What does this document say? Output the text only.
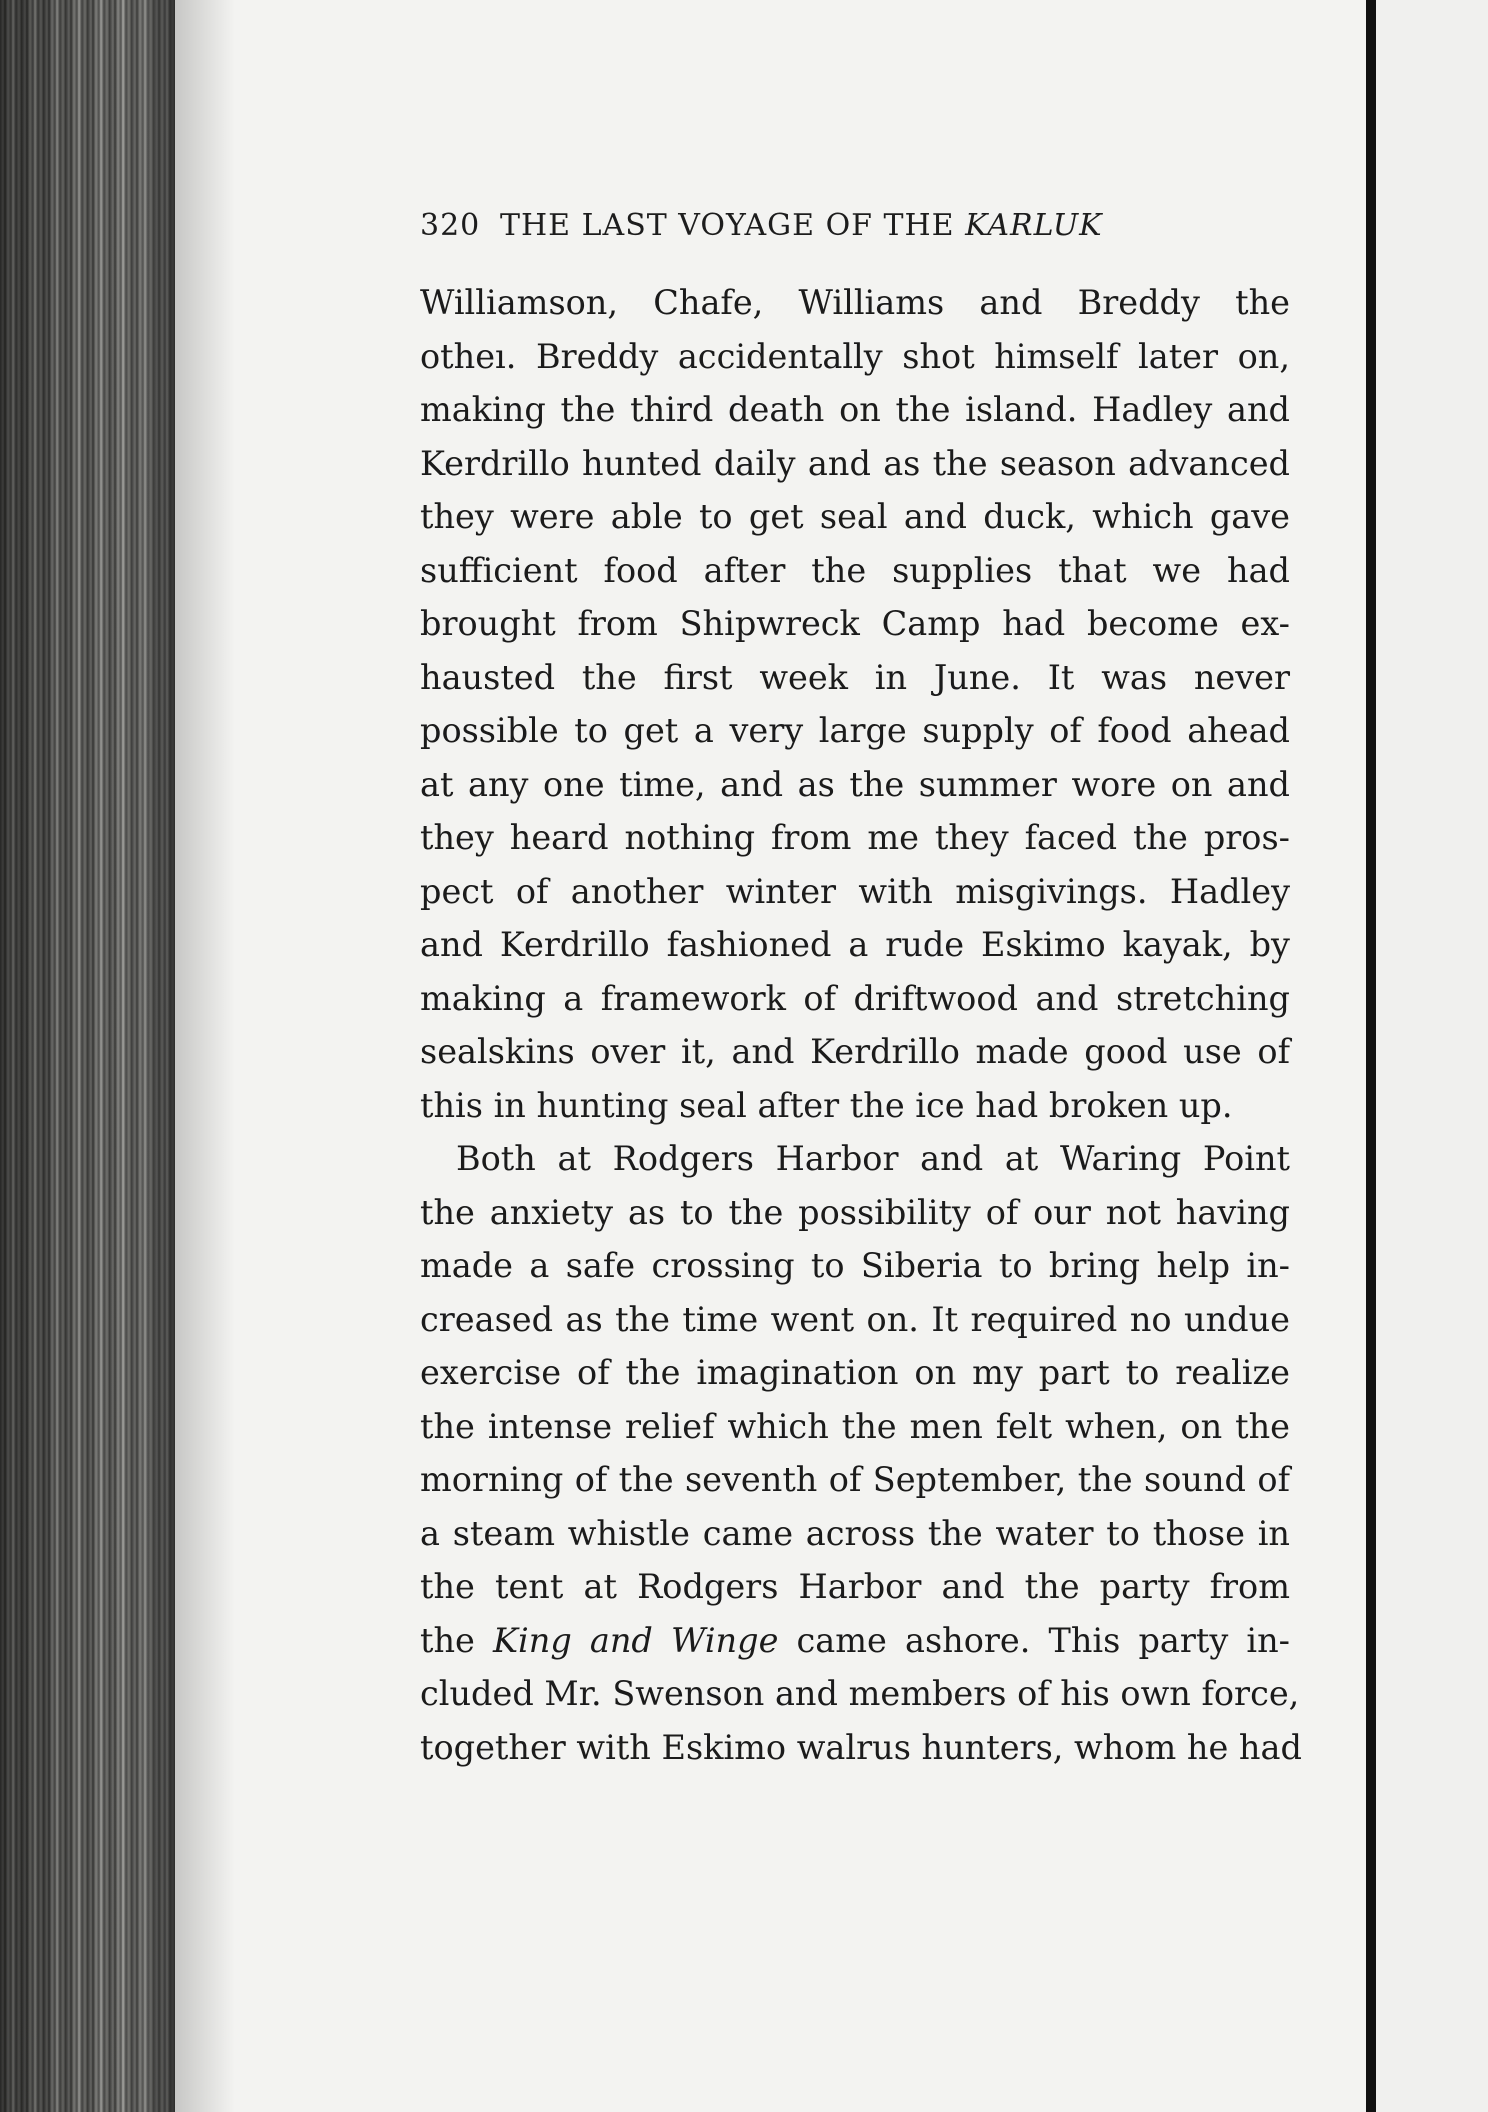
320 THE LAST VOYAGE OF THE KARLUK
Williamson, Chafe, Williams and Breddy the
otheı. Breddy accidentally shot himself later on,
making the third death on the island. Hadley and
Kerdrillo hunted daily and as the season advanced
they were able to get seal and duck, which gave
sufficient food after the supplies that we had
brought from Shipwreck Camp had become ex-
hausted the first week in June. It was never
possible to get a very large supply of food ahead
at any one time, and as the summer wore on and
they heard nothing from me they faced the pros-
pect of another winter with misgivings. Hadley
and Kerdrillo fashioned a rude Eskimo kayak, by
making a framework of driftwood and stretching
sealskins over it, and Kerdrillo made good use of
this in hunting seal after the ice had broken up.
Both at Rodgers Harbor and at Waring Point
the anxiety as to the possibility of our not having
made a safe crossing to Siberia to bring help in-
creased as the time went on. It required no undue
exercise of the imagination on my part to realize
the intense relief which the men felt when, on the
morning of the seventh of September, the sound of
a steam whistle came across the water to those in
the tent at Rodgers Harbor and the party from
the King and Winge came ashore. This party in-
cluded Mr. Swenson and members of his own force,
together with Eskimo walrus hunters, whom he had
